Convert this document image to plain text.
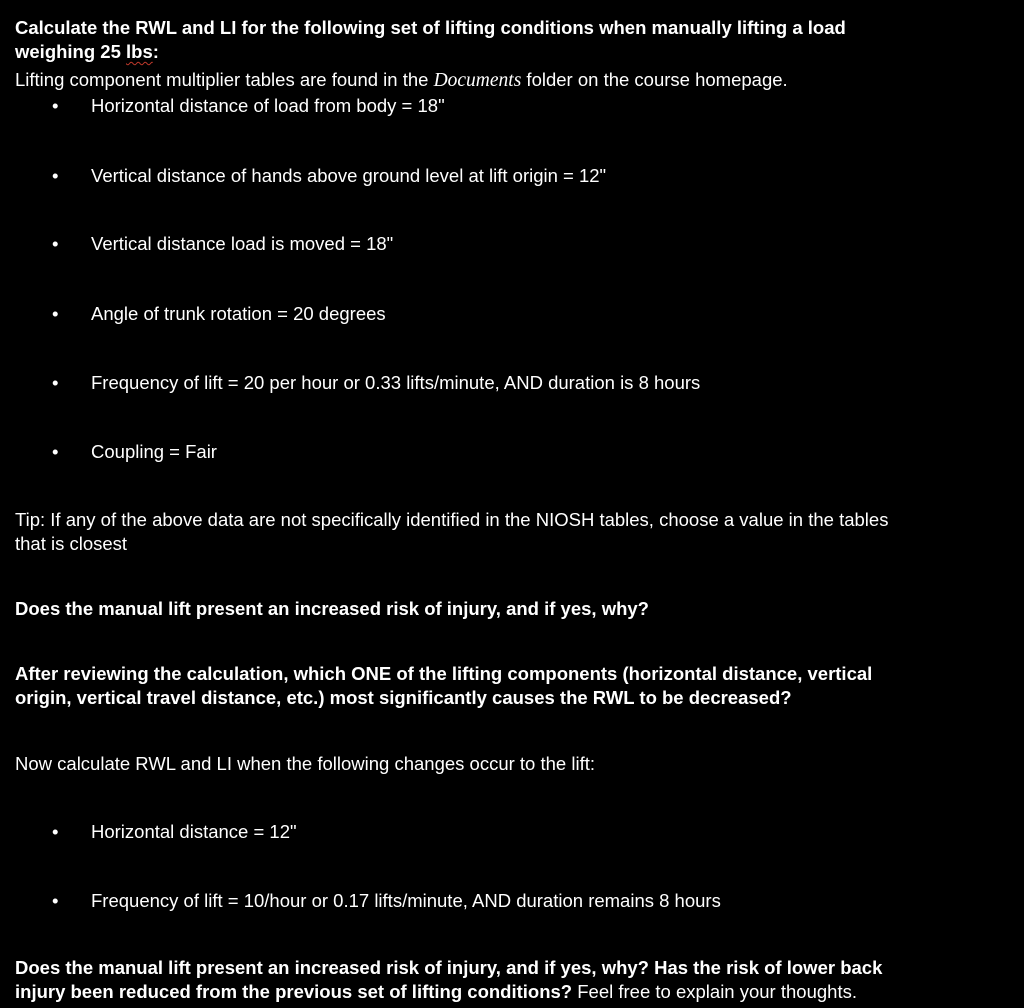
Calculate the RWL and LI for the following set of lifting conditions when manually lifting a load
weighing 25 lbs:
Lifting component multiplier tables are found in the Documents folder on the course homepage.
•	Horizontal distance of load from body = 18"
•	Vertical distance of hands above ground level at lift origin = 12"
•	Vertical distance load is moved = 18"
•	Angle of trunk rotation = 20 degrees
•	Frequency of lift = 20 per hour or 0.33 lifts/minute, AND duration is 8 hours
•	Coupling = Fair
Tip: If any of the above data are not specifically identified in the NIOSH tables, choose a value in the tables
that is closest
Does the manual lift present an increased risk of injury, and if yes, why?
After reviewing the calculation, which ONE of the lifting components (horizontal distance, vertical
origin, vertical travel distance, etc.) most significantly causes the RWL to be decreased?
Now calculate RWL and LI when the following changes occur to the lift:
•	Horizontal distance = 12"
•	Frequency of lift = 10/hour or 0.17 lifts/minute, AND duration remains 8 hours
Does the manual lift present an increased risk of injury, and if yes, why? Has the risk of lower back
injury been reduced from the previous set of lifting conditions? Feel free to explain your thoughts.
